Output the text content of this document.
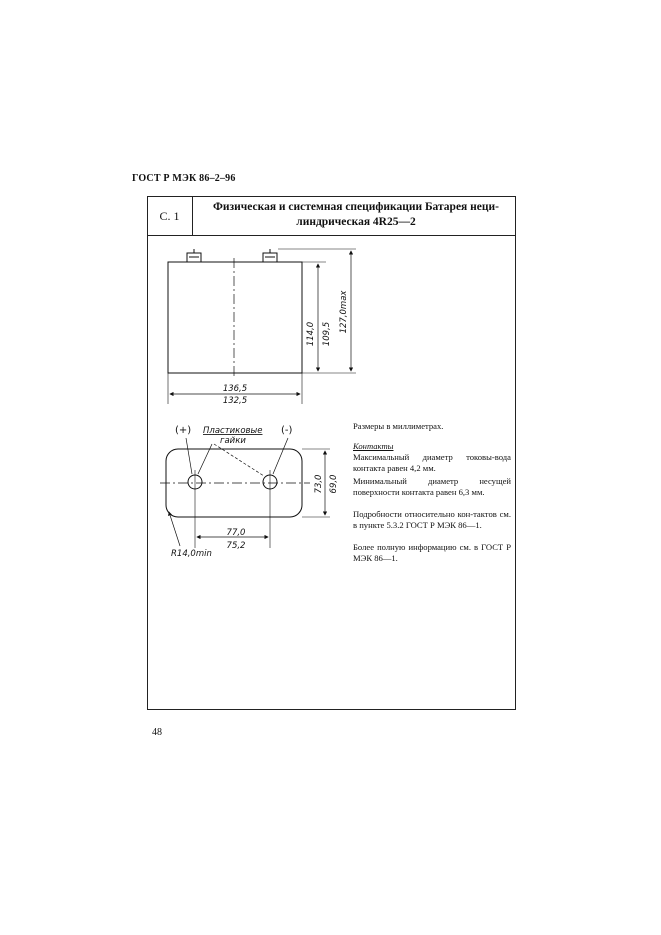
ГОСТ Р МЭК 86–2–96
С. 1
Физическая и системная спецификации Батарея неци-
линдрическая 4R25—2
136,5
132,5
114,0 109,5
127,0max
(+)	(-)
Пластиковые
гайки
73,0 69,0
77,0
75,2
R14,0min
Размеры в миллиметрах.
Контакты
Максимальный диаметр токовы-вода контакта равен 4,2 мм.
Минимальный диаметр несущей поверхности контакта равен 6,3 мм.
Подробности относительно кон-тактов см. в пункте 5.3.2 ГОСТ Р МЭК 86—1.
Более полную информацию см. в ГОСТ Р МЭК 86—1.
48
